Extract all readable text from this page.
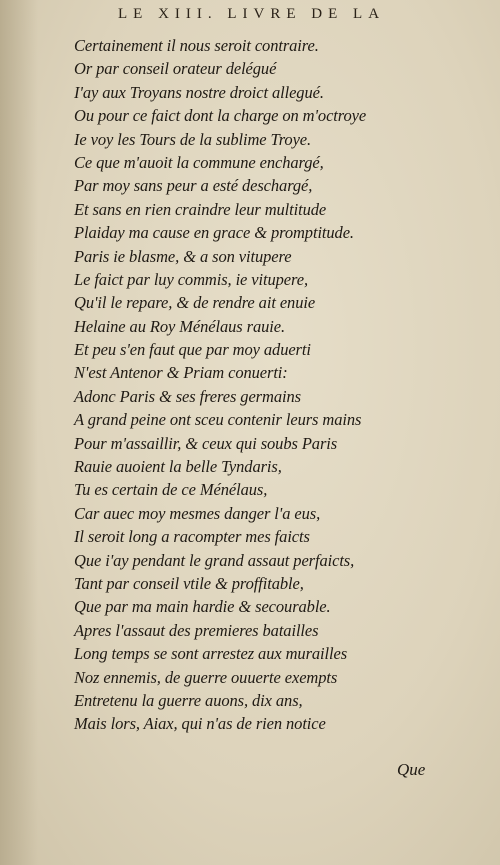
LE XIII. LIVRE DE LA
Certainement il nous seroit contraire.
Or par conseil orateur delégué
I'ay aux Troyans nostre droict allegué.
Ou pour ce faict dont la charge on m'octroye
Ie voy les Tours de la sublime Troye.
Ce que m'auoit la commune enchargé,
Par moy sans peur a esté deschargé,
Et sans en rien craindre leur multitude
Plaiday ma cause en grace & promptitude.
Paris ie blasme, & a son vitupere
Le faict par luy commis, ie vitupere,
Qu'il le repare, & de rendre ait enuie
Helaine au Roy Ménélaus rauie.
Et peu s'en faut que par moy aduerti
N'est Antenor & Priam conuerti:
Adonc Paris & ses freres germains
A grand peine ont sceu contenir leurs mains
Pour m'assaillir, & ceux qui soubs Paris
Rauie auoient la belle Tyndaris,
Tu es certain de ce Ménélaus,
Car auec moy mesmes danger l'a eus,
Il seroit long a racompter mes faicts
Que i'ay pendant le grand assaut perfaicts,
Tant par conseil vtile & proffitable,
Que par ma main hardie & secourable.
Apres l'assaut des premieres batailles
Long temps se sont arrestez aux murailles
Noz ennemis, de guerre ouuerte exempts
Entretenu la guerre auons, dix ans,
Mais lors, Aiax, qui n'as de rien notice
Que
